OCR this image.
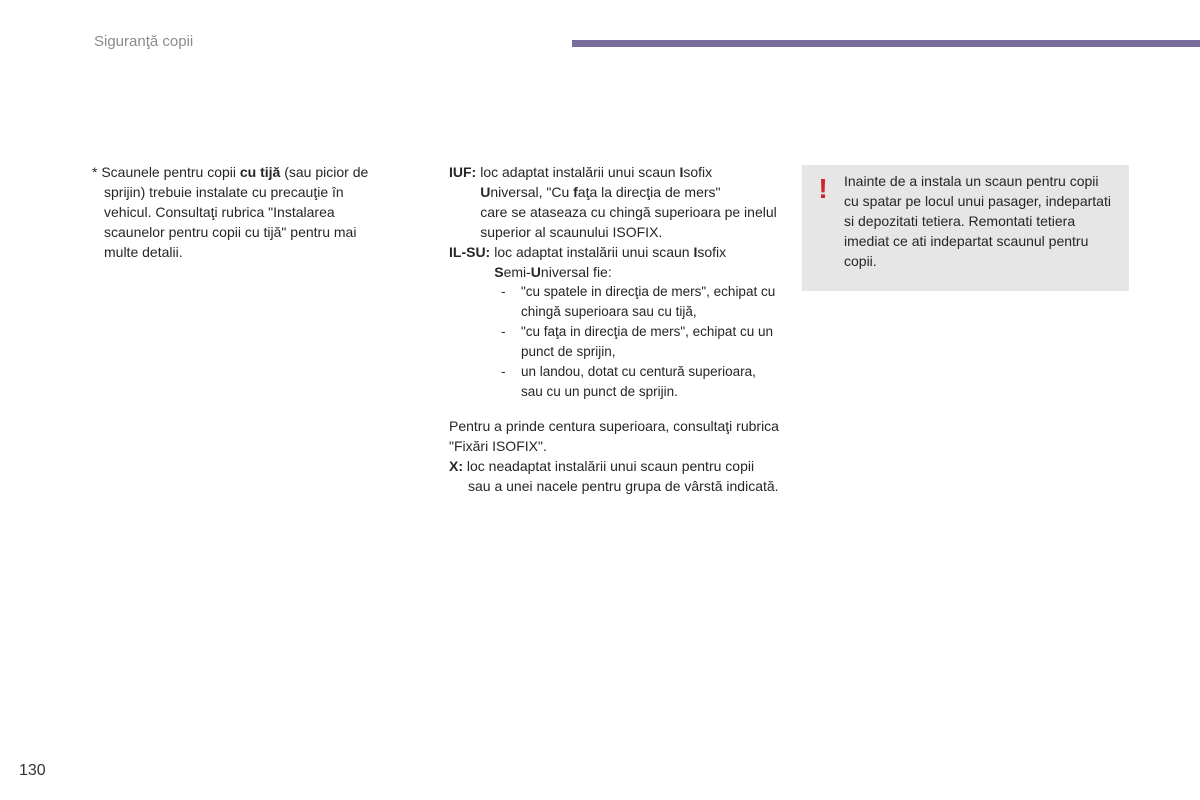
Siguranţă copii

* Scaunele pentru copii cu tijă (sau picior de sprijin) trebuie instalate cu precauţie în vehicul. Consultaţi rubrica "Instalarea scaunelor pentru copii cu tijă" pentru mai multe detalii.

IUF: loc adaptat instalării unui scaun Isofix
Universal, "Cu faţa la direcţia de mers"
care se ataseaza cu chingă superioara pe inelul superior al scaunului ISOFIX.
IL-SU: loc adaptat instalării unui scaun Isofix
Semi-Universal fie:
-	"cu spatele in direcţia de mers", echipat cu chingă superioara sau cu tijă,
-	"cu faţa in direcţia de mers", echipat cu un punct de sprijin,
-	un landou, dotat cu centură superioara, sau cu un punct de sprijin.

Pentru a prinde centura superioara, consultaţi rubrica "Fixări ISOFIX".

X: loc neadaptat instalării unui scaun pentru copii sau a unei nacele pentru grupa de vârstă indicată.

! Inainte de a instala un scaun pentru copii cu spatar pe locul unui pasager, indepartati si depozitati tetiera. Remontati tetiera imediat ce ati indepartat scaunul pentru copii.
130
